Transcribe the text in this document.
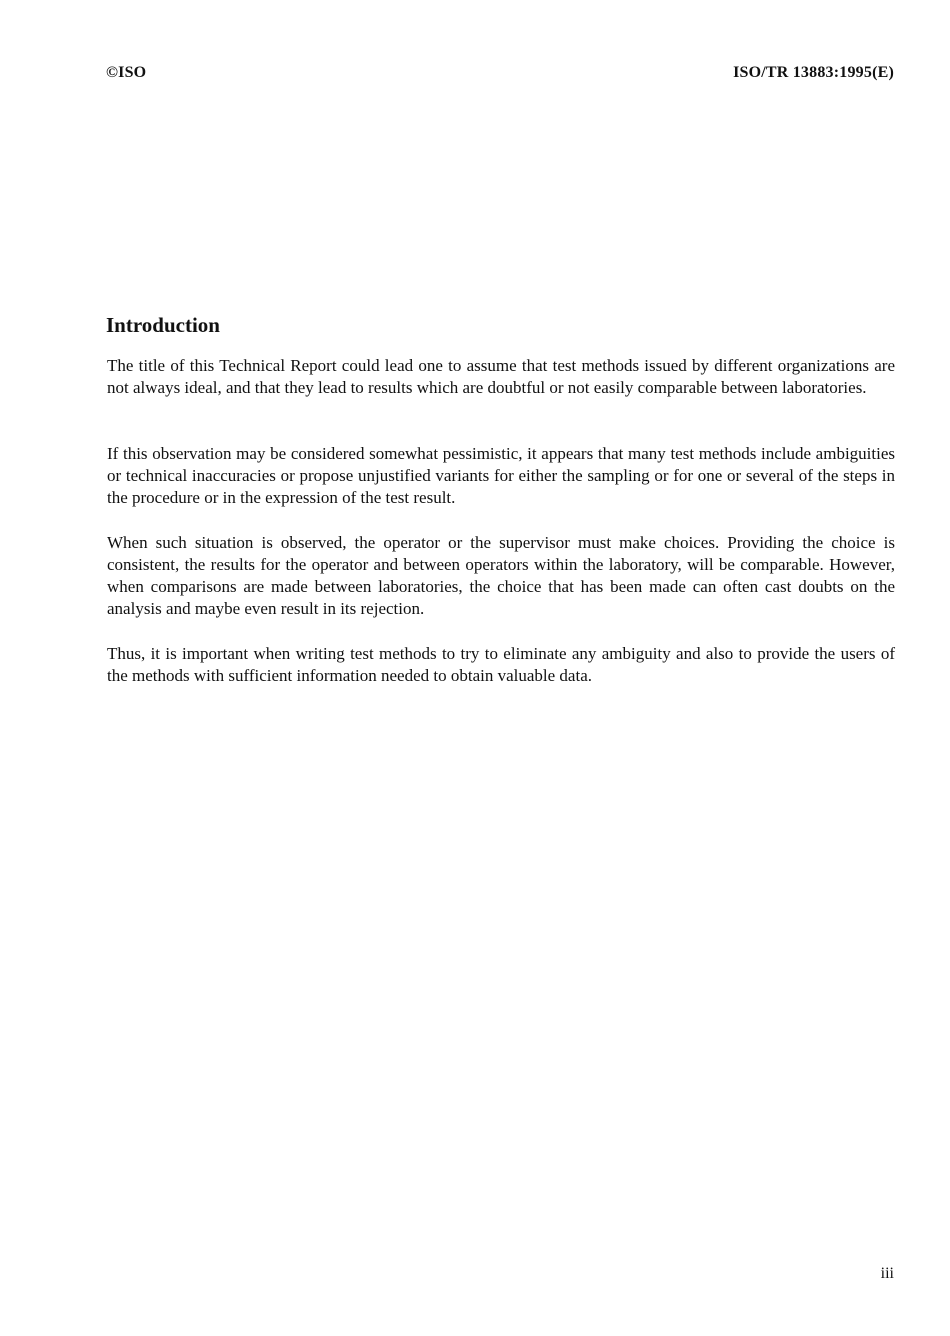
©ISO	ISO/TR 13883:1995(E)
Introduction

The title of this Technical Report could lead one to assume that test methods issued by different organizations are not always ideal, and that they lead to results which are doubtful or not easily comparable between laboratories.

If this observation may be considered somewhat pessimistic, it appears that many test methods include ambiguities or technical inaccuracies or propose unjustified variants for either the sampling or for one or several of the steps in the procedure or in the expression of the test result.

When such situation is observed, the operator or the supervisor must make choices. Providing the choice is consistent, the results for the operator and between operators within the laboratory, will be comparable. However, when comparisons are made between laboratories, the choice that has been made can often cast doubts on the analysis and maybe even result in its rejection.

Thus, it is important when writing test methods to try to eliminate any ambiguity and also to provide the users of the methods with sufficient information needed to obtain valuable data.

iii
